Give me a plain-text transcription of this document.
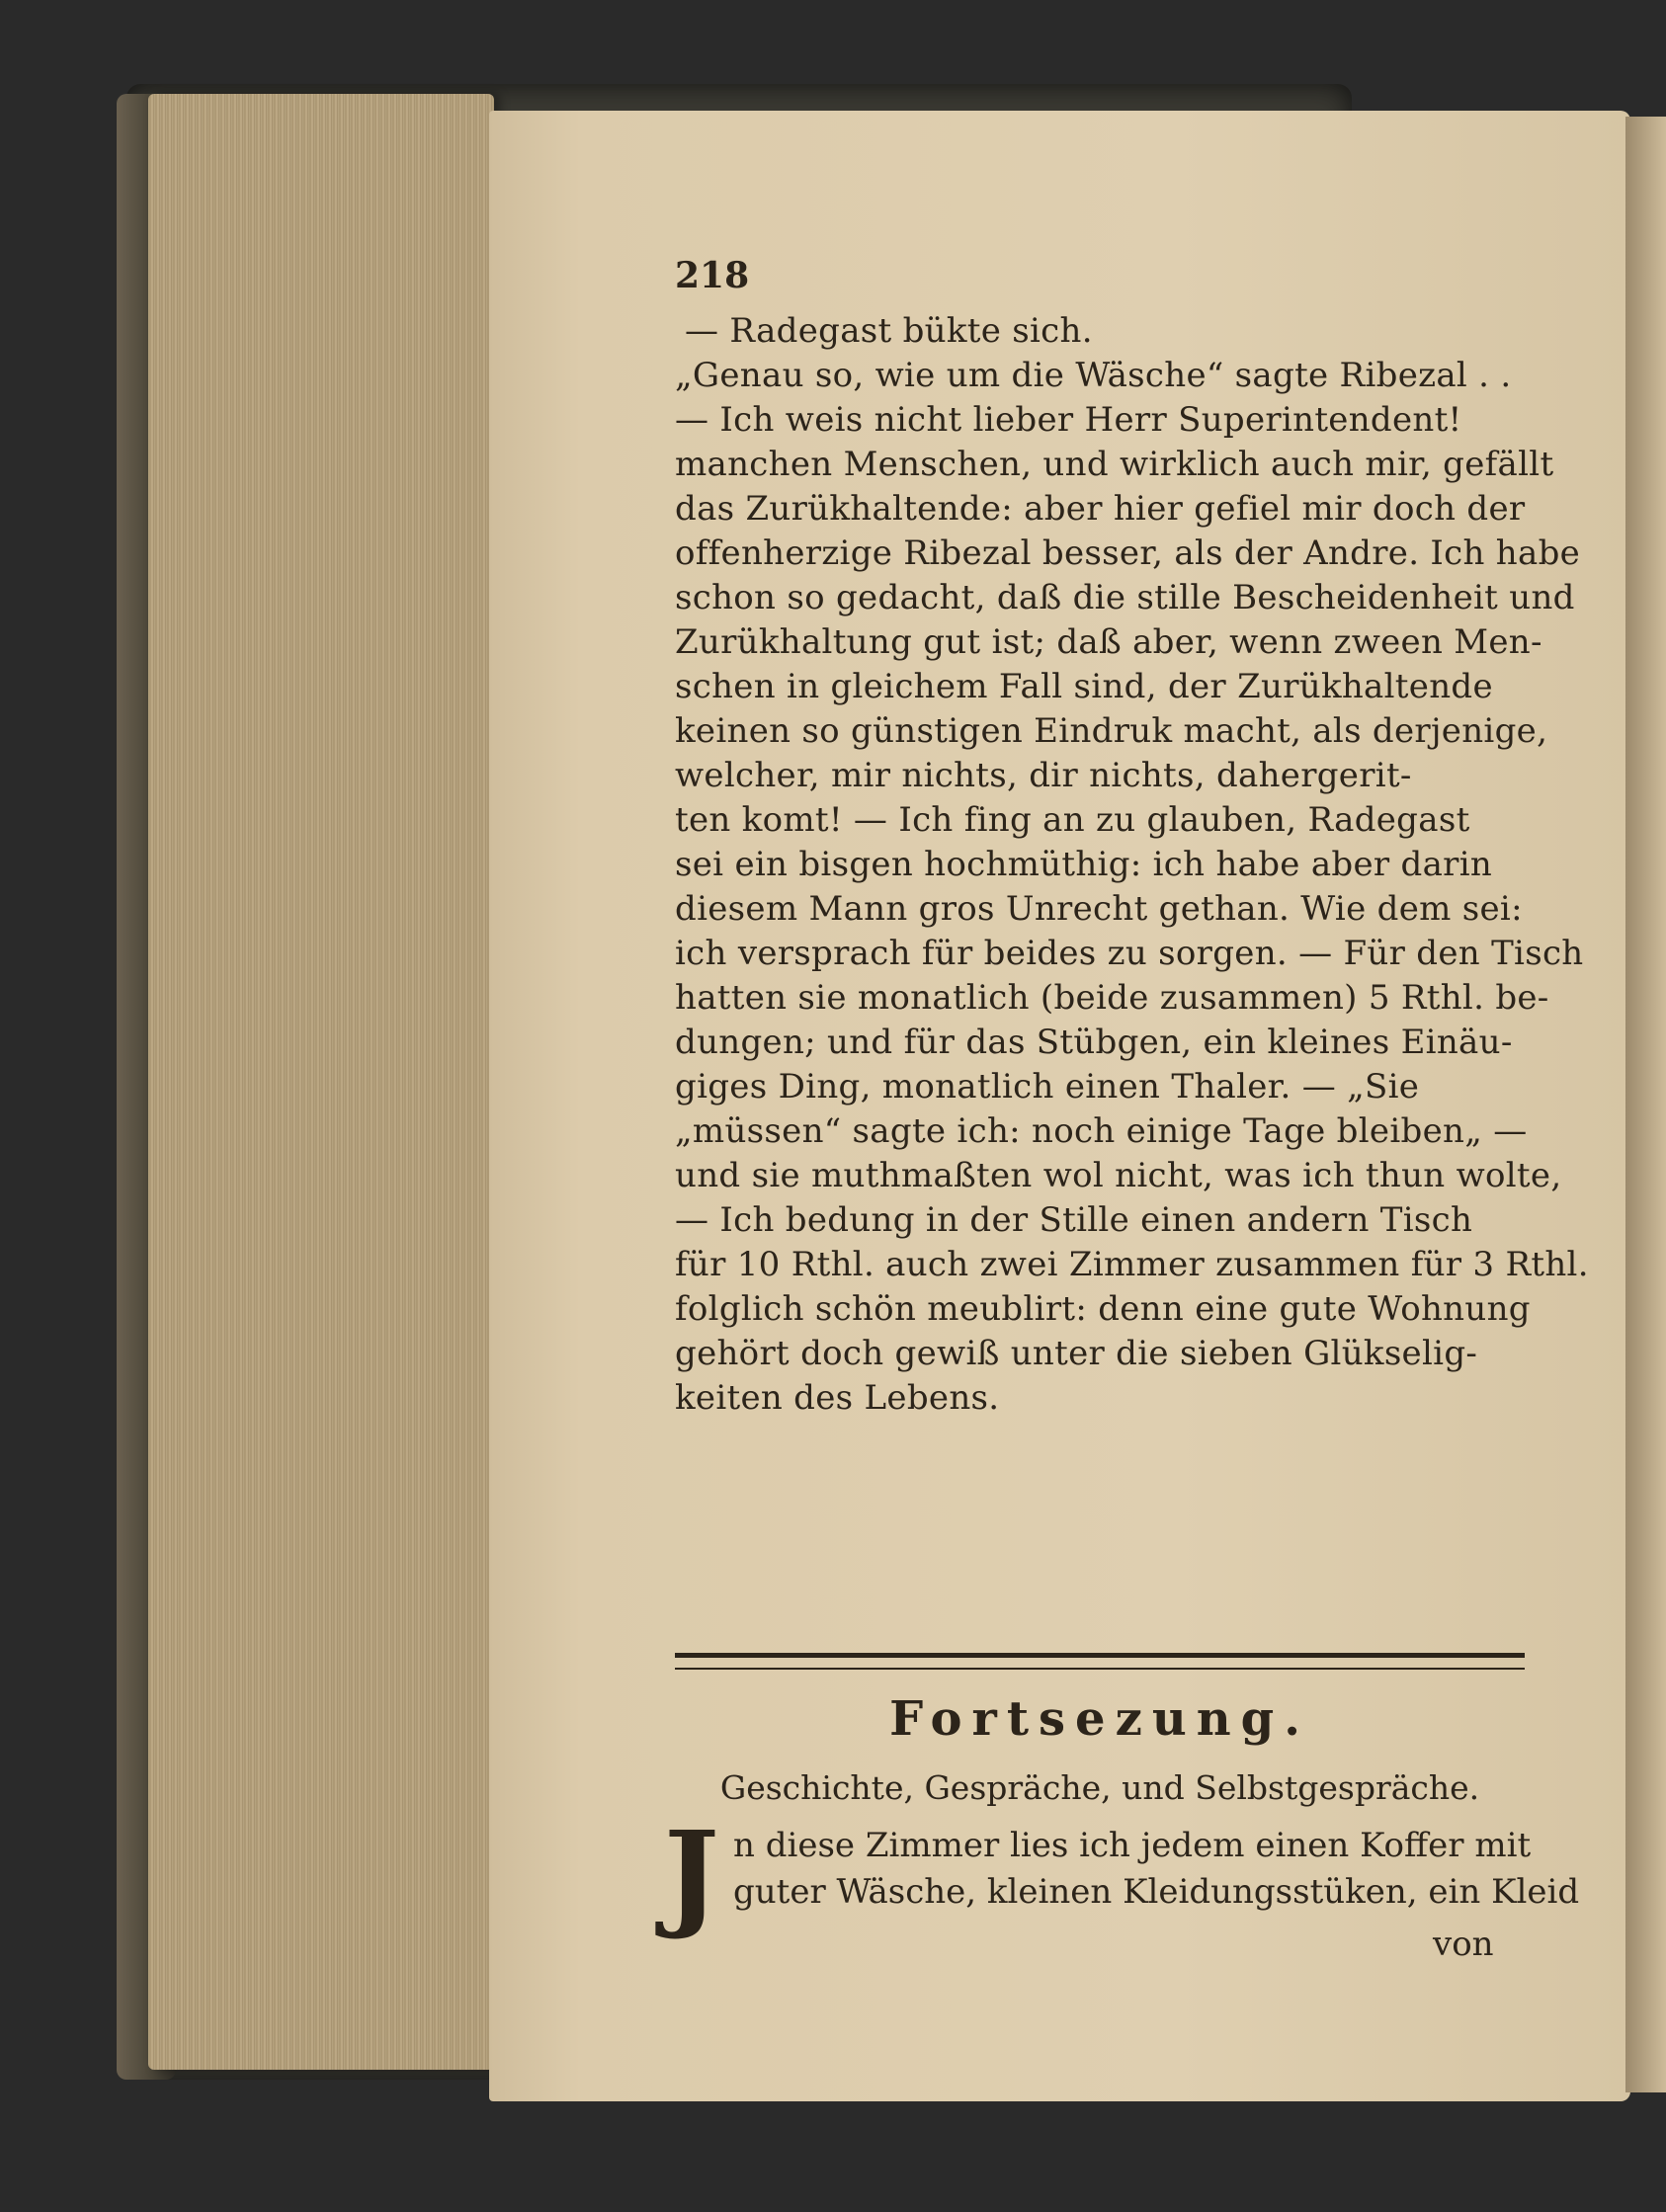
218
— Radegast bükte sich.
„Genau so, wie um die Wäsche“ sagte Ribezal . .
— Ich weis nicht lieber Herr Superintendent!
manchen Menschen, und wirklich auch mir, gefällt
das Zurükhaltende: aber hier gefiel mir doch der
offenherzige Ribezal besser, als der Andre. Ich habe
schon so gedacht, daß die stille Bescheidenheit und
Zurükhaltung gut ist; daß aber, wenn zween Men-
schen in gleichem Fall sind, der Zurükhaltende
keinen so günstigen Eindruk macht, als derjenige,
welcher, mir nichts, dir nichts, dahergerit-
ten komt! — Ich fing an zu glauben, Radegast
sei ein bisgen hochmüthig: ich habe aber darin
diesem Mann gros Unrecht gethan. Wie dem sei:
ich versprach für beides zu sorgen. — Für den Tisch
hatten sie monatlich (beide zusammen) 5 Rthl. be-
dungen; und für das Stübgen, ein kleines Einäu-
giges Ding, monatlich einen Thaler. — „Sie
„müssen“ sagte ich: noch einige Tage bleiben„ —
und sie muthmaßten wol nicht, was ich thun wolte,
— Ich bedung in der Stille einen andern Tisch
für 10 Rthl. auch zwei Zimmer zusammen für 3 Rthl.
folglich schön meublirt: denn eine gute Wohnung
gehört doch gewiß unter die sieben Glükselig-
keiten des Lebens.
Fortsezung.
Geschichte, Gespräche, und Selbstgespräche.
J n diese Zimmer lies ich jedem einen Koffer mit
guter Wäsche, kleinen Kleidungsstüken, ein Kleid
von
